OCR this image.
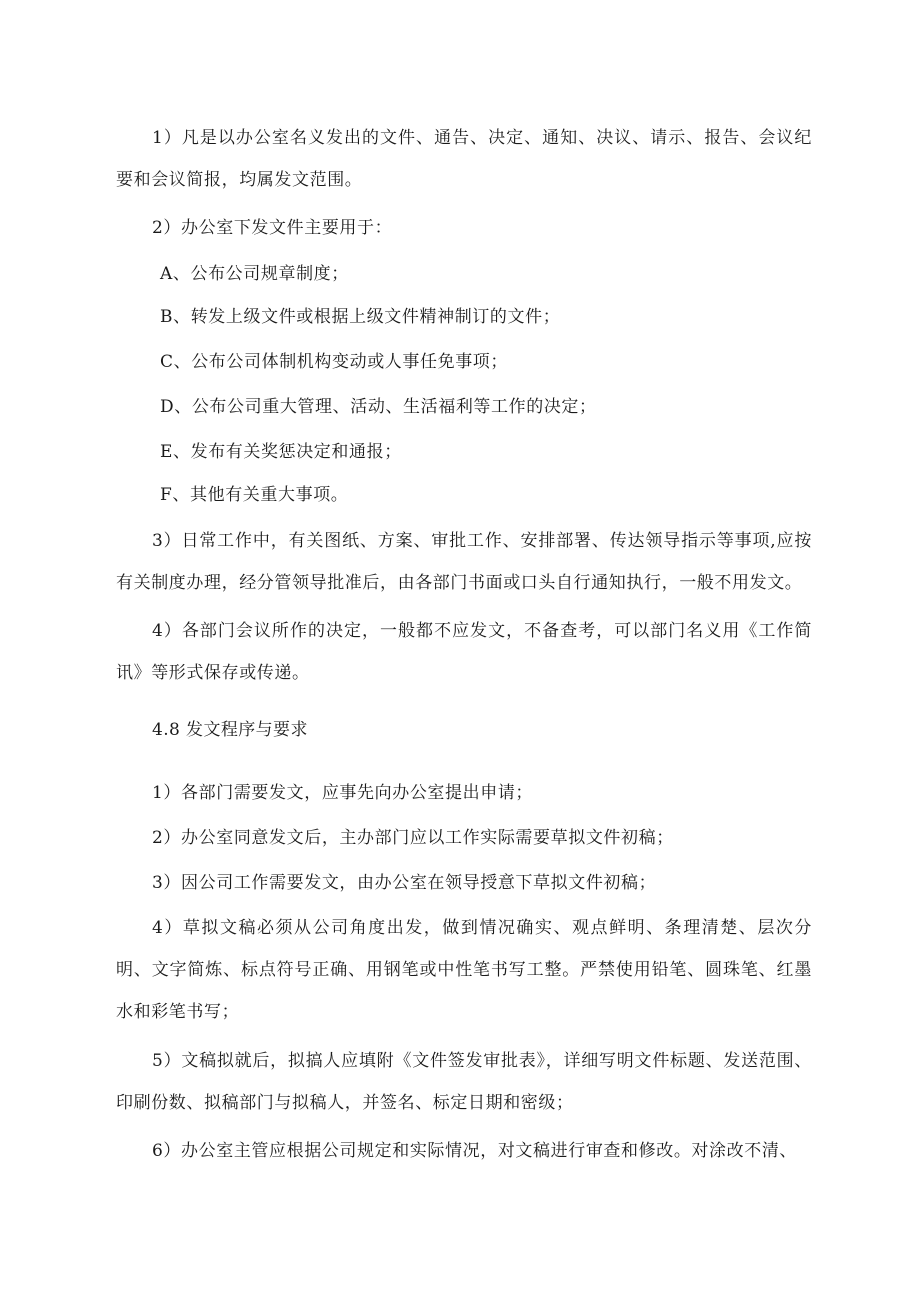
1）凡是以办公室名义发出的文件、通告、决定、通知、决议、请示、报告、会议纪要和会议简报，均属发文范围。

2）办公室下发文件主要用于：

A、公布公司规章制度；

B、转发上级文件或根据上级文件精神制订的文件；

C、公布公司体制机构变动或人事任免事项；

D、公布公司重大管理、活动、生活福利等工作的决定；

E、发布有关奖惩决定和通报；

F、其他有关重大事项。

3）日常工作中，有关图纸、方案、审批工作、安排部署、传达领导指示等事项,应按有关制度办理，经分管领导批准后，由各部门书面或口头自行通知执行，一般不用发文。

4）各部门会议所作的决定，一般都不应发文，不备查考，可以部门名义用《工作简讯》等形式保存或传递。

4.8 发文程序与要求

1）各部门需要发文，应事先向办公室提出申请；

2）办公室同意发文后，主办部门应以工作实际需要草拟文件初稿；

3）因公司工作需要发文，由办公室在领导授意下草拟文件初稿；

4）草拟文稿必须从公司角度出发，做到情况确实、观点鲜明、条理清楚、层次分明、文字简炼、标点符号正确、用钢笔或中性笔书写工整。严禁使用铅笔、圆珠笔、红墨水和彩笔书写；

5）文稿拟就后，拟搞人应填附《文件签发审批表》，详细写明文件标题、发送范围、印刷份数、拟稿部门与拟稿人，并签名、标定日期和密级；

6）办公室主管应根据公司规定和实际情况，对文稿进行审查和修改。对涂改不清、
